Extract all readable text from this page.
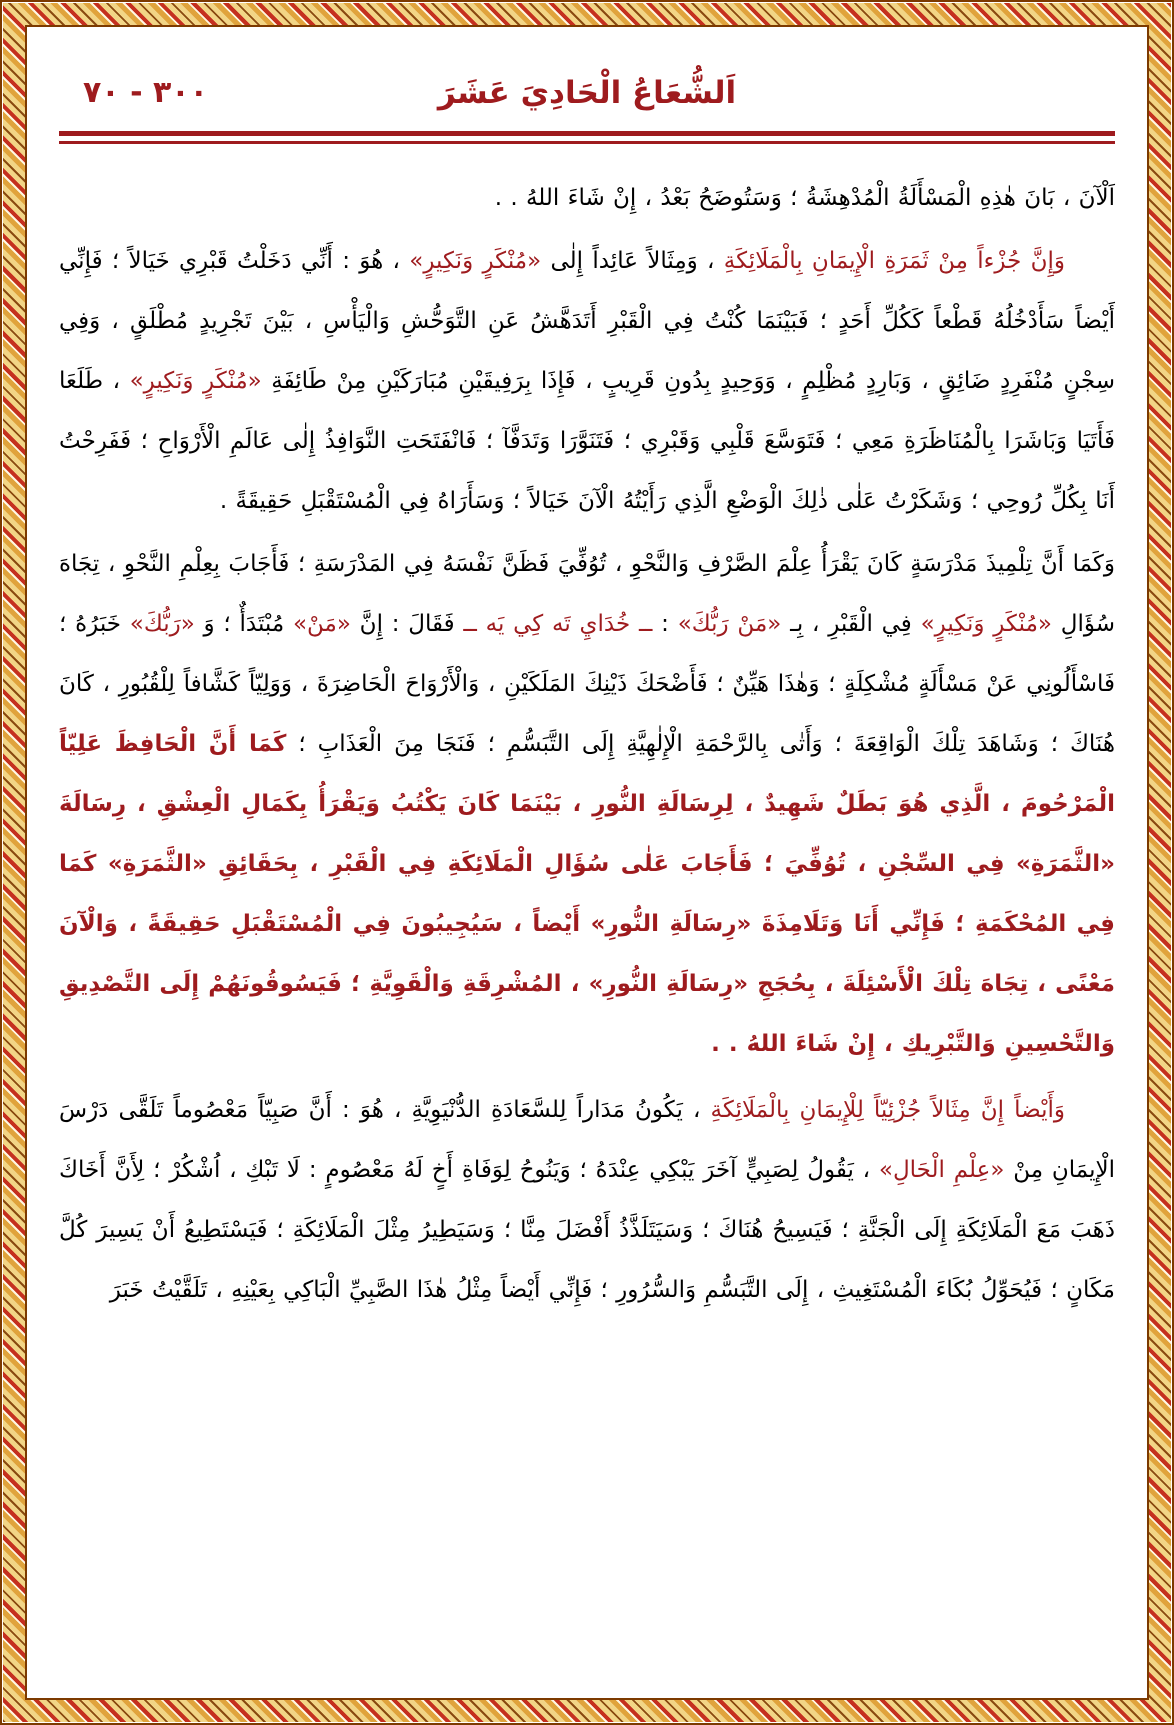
اَلشُّعَاعُ الْحَادِيَ عَشَرَ
٣٠٠ - ٧٠

اَلْآنَ ، بَانَ هٰذِهِ الْمَسْأَلَةُ الْمُدْهِشَةُ ؛ وَسَتُوضَحُ بَعْدُ ، إِنْ شَاءَ اللهُ . .

وَإِنَّ جُزْءاً مِنْ ثَمَرَةِ الْإِيمَانِ بِالْمَلَائِكَةِ ، وَمِثَالاً عَائِداً إِلٰى «مُنْكَرٍ وَنَكِيرٍ» ، هُوَ : أَنِّي دَخَلْتُ قَبْرِي خَيَالاً ؛ فَإِنِّي أَيْضاً سَأَدْخُلُهُ قَطْعاً كَكُلِّ أَحَدٍ ؛ فَبَيْنَمَا كُنْتُ فِي الْقَبْرِ أَتَدَهَّشُ عَنِ التَّوَحُّشِ وَالْيَأْسِ ، بَيْنَ تَجْرِيدٍ مُطْلَقٍ ، وَفِي سِجْنٍ مُنْفَرِدٍ ضَائِقٍ ، وَبَارِدٍ مُظْلِمٍ ، وَوَحِيدٍ بِدُونِ قَرِيبٍ ، فَإِذَا بِرَفِيقَيْنِ مُبَارَكَيْنِ مِنْ طَائِفَةِ «مُنْكَرٍ وَنَكِيرٍ» ، طَلَعَا فَأَتَيَا وَبَاشَرَا بِالْمُنَاظَرَةِ مَعِي ؛ فَتَوَسَّعَ قَلْبِي وَقَبْرِي ؛ فَتَنَوَّرَا وَتَدَفَّآ ؛ فَانْفَتَحَتِ النَّوَافِذُ إِلٰى عَالَمِ الْأَرْوَاحِ ؛ فَفَرِحْتُ أَنَا بِكُلِّ رُوحِي ؛ وَشَكَرْتُ عَلٰى ذٰلِكَ الْوَضْعِ الَّذِي رَأَيْتُهُ الْآنَ خَيَالاً ؛ وَسَأَرَاهُ فِي الْمُسْتَقْبَلِ حَقِيقَةً .

وَكَمَا أَنَّ تِلْمِيذَ مَدْرَسَةٍ كَانَ يَقْرَأُ عِلْمَ الصَّرْفِ وَالنَّحْوِ ، تُوُفِّيَ فَظَنَّ نَفْسَهُ فِي المَدْرَسَةِ ؛ فَأَجَابَ بِعِلْمِ النَّحْوِ ، تِجَاهَ سُؤَالِ «مُنْكَرٍ وَنَكِيرٍ» فِي الْقَبْرِ ، بِـ «مَنْ رَبُّكَ» : ــ خُدَايِ تَه كِي يَه ــ فَقَالَ : إِنَّ «مَنْ» مُبْتَدَأٌ ؛ وَ «رَبُّكَ» خَبَرُهُ ؛ فَاسْأَلُونِي عَنْ مَسْأَلَةٍ مُشْكِلَةٍ ؛ وَهٰذَا هَيِّنٌ ؛ فَأَضْحَكَ ذَيْنِكَ المَلَكَيْنِ ، وَالْأَرْوَاحَ الْحَاضِرَةَ ، وَوَلِيّاً كَشَّافاً لِلْقُبُورِ ، كَانَ هُنَاكَ ؛ وَشَاهَدَ تِلْكَ الْوَاقِعَةَ ؛ وَأَتٰى بِالرَّحْمَةِ الْإِلٰهِيَّةِ إِلَى التَّبَسُّمِ ؛ فَنَجَا مِنَ الْعَذَابِ ؛ كَمَا أَنَّ الْحَافِظَ عَلِيّاً الْمَرْحُومَ ، الَّذِي هُوَ بَطَلٌ شَهِيدٌ ، لِرِسَالَةِ النُّورِ ، بَيْنَمَا كَانَ يَكْتُبُ وَيَقْرَأُ بِكَمَالِ الْعِشْقِ ، رِسَالَةَ «الثَّمَرَةِ» فِي السِّجْنِ ، تُوُفِّيَ ؛ فَأَجَابَ عَلٰى سُؤَالِ الْمَلَائِكَةِ فِي الْقَبْرِ ، بِحَقَائِقِ «الثَّمَرَةِ» كَمَا فِي المُحْكَمَةِ ؛ فَإِنِّي أَنَا وَتَلَامِذَةَ «رِسَالَةِ النُّورِ» أَيْضاً ، سَيُجِيبُونَ فِي الْمُسْتَقْبَلِ حَقِيقَةً ، وَالْآنَ مَعْنًى ، تِجَاهَ تِلْكَ الْأَسْئِلَةَ ، بِحُجَجِ «رِسَالَةِ النُّورِ» ، المُشْرِقَةِ وَالْقَوِيَّةِ ؛ فَيَسُوقُونَهُمْ إِلَى التَّصْدِيقِ وَالتَّحْسِينِ وَالتَّبْرِيكِ ، إِنْ شَاءَ اللهُ . .

وَأَيْضاً إِنَّ مِثَالاً جُزْئِيّاً لِلْإِيمَانِ بِالْمَلَائِكَةِ ، يَكُونُ مَدَاراً لِلسَّعَادَةِ الدُّنْيَوِيَّةِ ، هُوَ : أَنَّ صَبِيّاً مَعْصُوماً تَلَقَّى دَرْسَ الْإِيمَانِ مِنْ «عِلْمِ الْحَالِ» ، يَقُولُ لِصَبِيٍّ آخَرَ يَبْكِي عِنْدَهُ ؛ وَيَنُوحُ لِوَفَاةِ أَخٍ لَهُ مَعْصُومٍ : لَا تَبْكِ ، اُشْكُرْ ؛ لِأَنَّ أَخَاكَ ذَهَبَ مَعَ الْمَلَائِكَةِ إِلَى الْجَنَّةِ ؛ فَيَسِيحُ هُنَاكَ ؛ وَسَيَتَلَذَّذُ أَفْضَلَ مِنَّا ؛ وَسَيَطِيرُ مِثْلَ الْمَلَائِكَةِ ؛ فَيَسْتَطِيعُ أَنْ يَسِيرَ كُلَّ مَكَانٍ ؛ فَيُحَوِّلُ بُكَاءَ الْمُسْتَغِيثِ ، إِلَى التَّبَسُّمِ وَالسُّرُورِ ؛ فَإِنِّي أَيْضاً مِثْلُ هٰذَا الصَّبِيِّ الْبَاكِي بِعَيْنِهِ ، تَلَقَّيْتُ خَبَرَ
